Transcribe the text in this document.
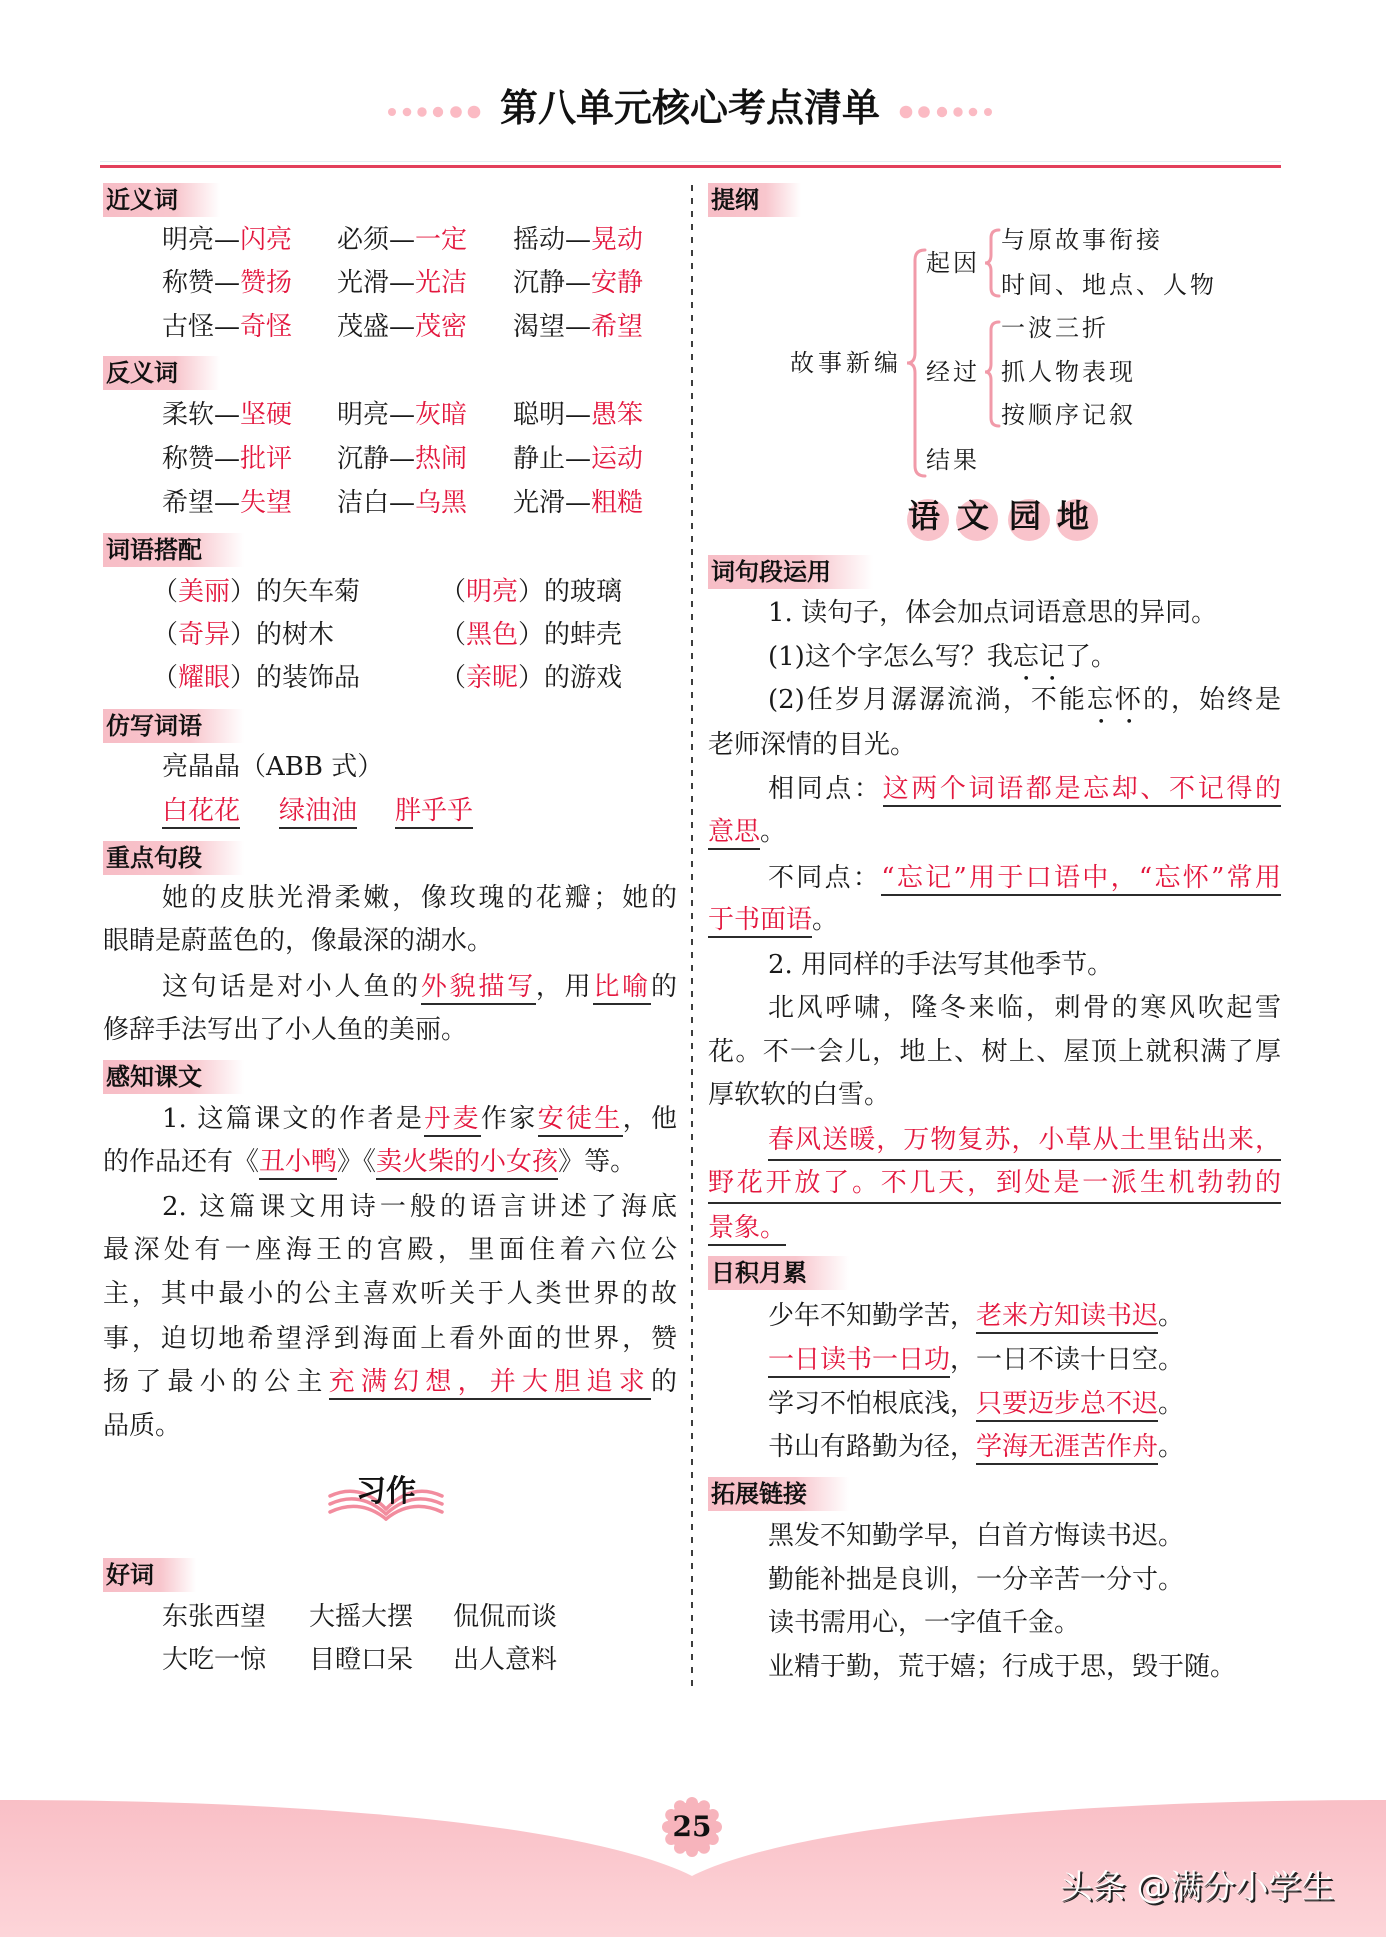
第八单元核心考点清单
近义词
明亮—闪亮 必须—一定 摇动—晃动
称赞—赞扬 光滑—光洁 沉静—安静
古怪—奇怪 茂盛—茂密 渴望—希望
反义词
柔软—坚硬 明亮—灰暗 聪明—愚笨
称赞—批评 沉静—热闹 静止—运动
希望—失望 洁白—乌黑 光滑—粗糙
词语搭配
（美丽）的矢车菊	（明亮）的玻璃
（奇异）的树木	（黑色）的蚌壳
（耀眼）的装饰品	（亲昵）的游戏
仿写词语
亮晶晶（ABB 式）
白花花 绿油油 胖乎乎
重点句段
她的皮肤光滑柔嫩，像玫瑰的花瓣；她的
眼睛是蔚蓝色的，像最深的湖水。
这句话是对小人鱼的外貌描写，用比喻的
修辞手法写出了小人鱼的美丽。
感知课文
1. 这篇课文的作者是丹麦作家安徒生，他
的作品还有《丑小鸭》《卖火柴的小女孩》等。
2. 这篇课文用诗一般的语言讲述了海底
最深处有一座海王的宫殿，里面住着六位公
主，其中最小的公主喜欢听关于人类世界的故
事，迫切地希望浮到海面上看外面的世界，赞
扬了最小的公主充满幻想，并大胆追求的
品质。
习作
好词
东张西望 大摇大摆 侃侃而谈
大吃一惊 目瞪口呆 出人意料
提纲
故事新编
起因
与原故事衔接
时间、地点、人物
经过
一波三折
抓人物表现
按顺序记叙
结果
语 文 园 地
词句段运用
1. 读句子，体会加点词语意思的异同。
(1)这个字怎么写？我忘记了。
(2)任岁月潺潺流淌，不能忘怀的，始终是
老师深情的目光。
相同点：这两个词语都是忘却、不记得的
意思。
不同点：“忘记”用于口语中，“忘怀”常用
于书面语。
2. 用同样的手法写其他季节。
北风呼啸，隆冬来临，刺骨的寒风吹起雪
花。不一会儿，地上、树上、屋顶上就积满了厚
厚软软的白雪。
春风送暖，万物复苏，小草从土里钻出来，
野花开放了。不几天，到处是一派生机勃勃的
景象。
日积月累
少年不知勤学苦，老来方知读书迟。
一日读书一日功，一日不读十日空。
学习不怕根底浅，只要迈步总不迟。
书山有路勤为径，学海无涯苦作舟。
拓展链接
黑发不知勤学早，白首方悔读书迟。
勤能补拙是良训，一分辛苦一分寸。
读书需用心，一字值千金。
业精于勤，荒于嬉；行成于思，毁于随。
25
头条 @满分小学生
